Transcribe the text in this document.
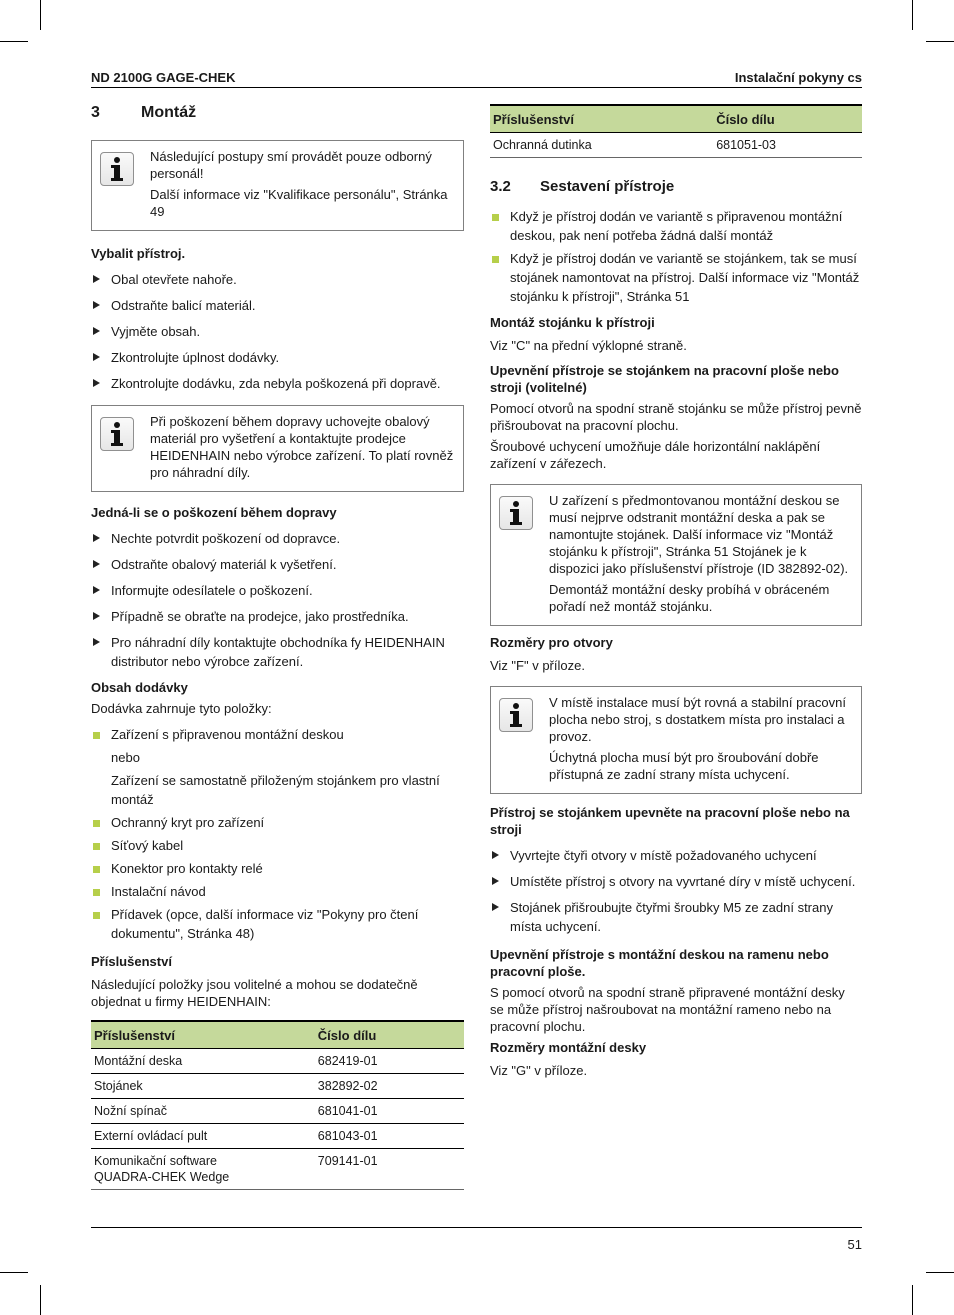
ND 2100G GAGE-CHEK	Instalační pokyny cs
3	Montáž

Následující postupy smí provádět pouze odborný personál!

Další informace viz "Kvalifikace personálu", Stránka 49

Vybalit přístroj.
Obal otevřete nahoře.
Odstraňte balicí materiál.
Vyjměte obsah.
Zkontrolujte úplnost dodávky.
Zkontrolujte dodávku, zda nebyla poškozená při dopravě.

Při poškození během dopravy uchovejte obalový materiál pro vyšetření a kontaktujte prodejce HEIDENHAIN nebo výrobce zařízení. To platí rovněž pro náhradní díly.

Jedná-li se o poškození během dopravy
Nechte potvrdit poškození od dopravce.
Odstraňte obalový materiál k vyšetření.
Informujte odesílatele o poškození.
Případně se obraťte na prodejce, jako prostředníka.
Pro náhradní díly kontaktujte obchodníka fy HEIDENHAIN distributor nebo výrobce zařízení.
Obsah dodávky

Dodávka zahrnuje tyto položky:

Zařízení s připravenou montážní deskou
nebo
Zařízení se samostatně přiloženým stojánkem pro vlastní montáž
Ochranný kryt pro zařízení
Síťový kabel
Konektor pro kontakty relé
Instalační návod
Přídavek (opce, další informace viz "Pokyny pro čtení dokumentu", Stránka 48)
Příslušenství

Následující položky jsou volitelné a mohou se dodatečně objednat u firmy HEIDENHAIN:

Příslušenství	Číslo dílu
Montážní deska	682419-01
Stojánek	382892-02
Nožní spínač	681041-01
Externí ovládací pult	681043-01
Komunikační software QUADRA-CHEK Wedge	709141-01
Příslušenství	Číslo dílu
Ochranná dutinka	681051-03
3.2 Sestavení přístroje
Když je přístroj dodán ve variantě s připravenou montážní deskou, pak není potřeba žádná další montáž
Když je přístroj dodán ve variantě se stojánkem, tak se musí stojánek namontovat na přístroj. Další informace viz "Montáž stojánku k přístroji", Stránka 51
Montáž stojánku k přístroji

Viz "C" na přední výklopné straně.

Upevnění přístroje se stojánkem na pracovní ploše nebo stroji (volitelné)

Pomocí otvorů na spodní straně stojánku se může přístroj pevně přišroubovat na pracovní plochu.

Šroubové uchycení umožňuje dále horizontální naklápění zařízení v zářezech.

U zařízení s předmontovanou montážní deskou se musí nejprve odstranit montážní deska a pak se namontujte stojánek. Další informace viz "Montáž stojánku k přístroji", Stránka 51 Stojánek je k dispozici jako příslušenství přístroje (ID 382892-02).

Demontáž montážní desky probíhá v obráceném pořadí než montáž stojánku.

Rozměry pro otvory

Viz "F" v příloze.

V místě instalace musí být rovná a stabilní pracovní plocha nebo stroj, s dostatkem místa pro instalaci a provoz.

Úchytná plocha musí být pro šroubování dobře přístupná ze zadní strany místa uchycení.

Přístroj se stojánkem upevněte na pracovní ploše nebo na stroji
Vyvrtejte čtyři otvory v místě požadovaného uchycení
Umístěte přístroj s otvory na vyvrtané díry v místě uchycení.
Stojánek přišroubujte čtyřmi šroubky M5 ze zadní strany místa uchycení.
Upevnění přístroje s montážní deskou na ramenu nebo pracovní ploše.

S pomocí otvorů na spodní straně připravené montážní desky se může přístroj našroubovat na montážní rameno nebo na pracovní plochu.

Rozměry montážní desky

Viz "G" v příloze.

51
